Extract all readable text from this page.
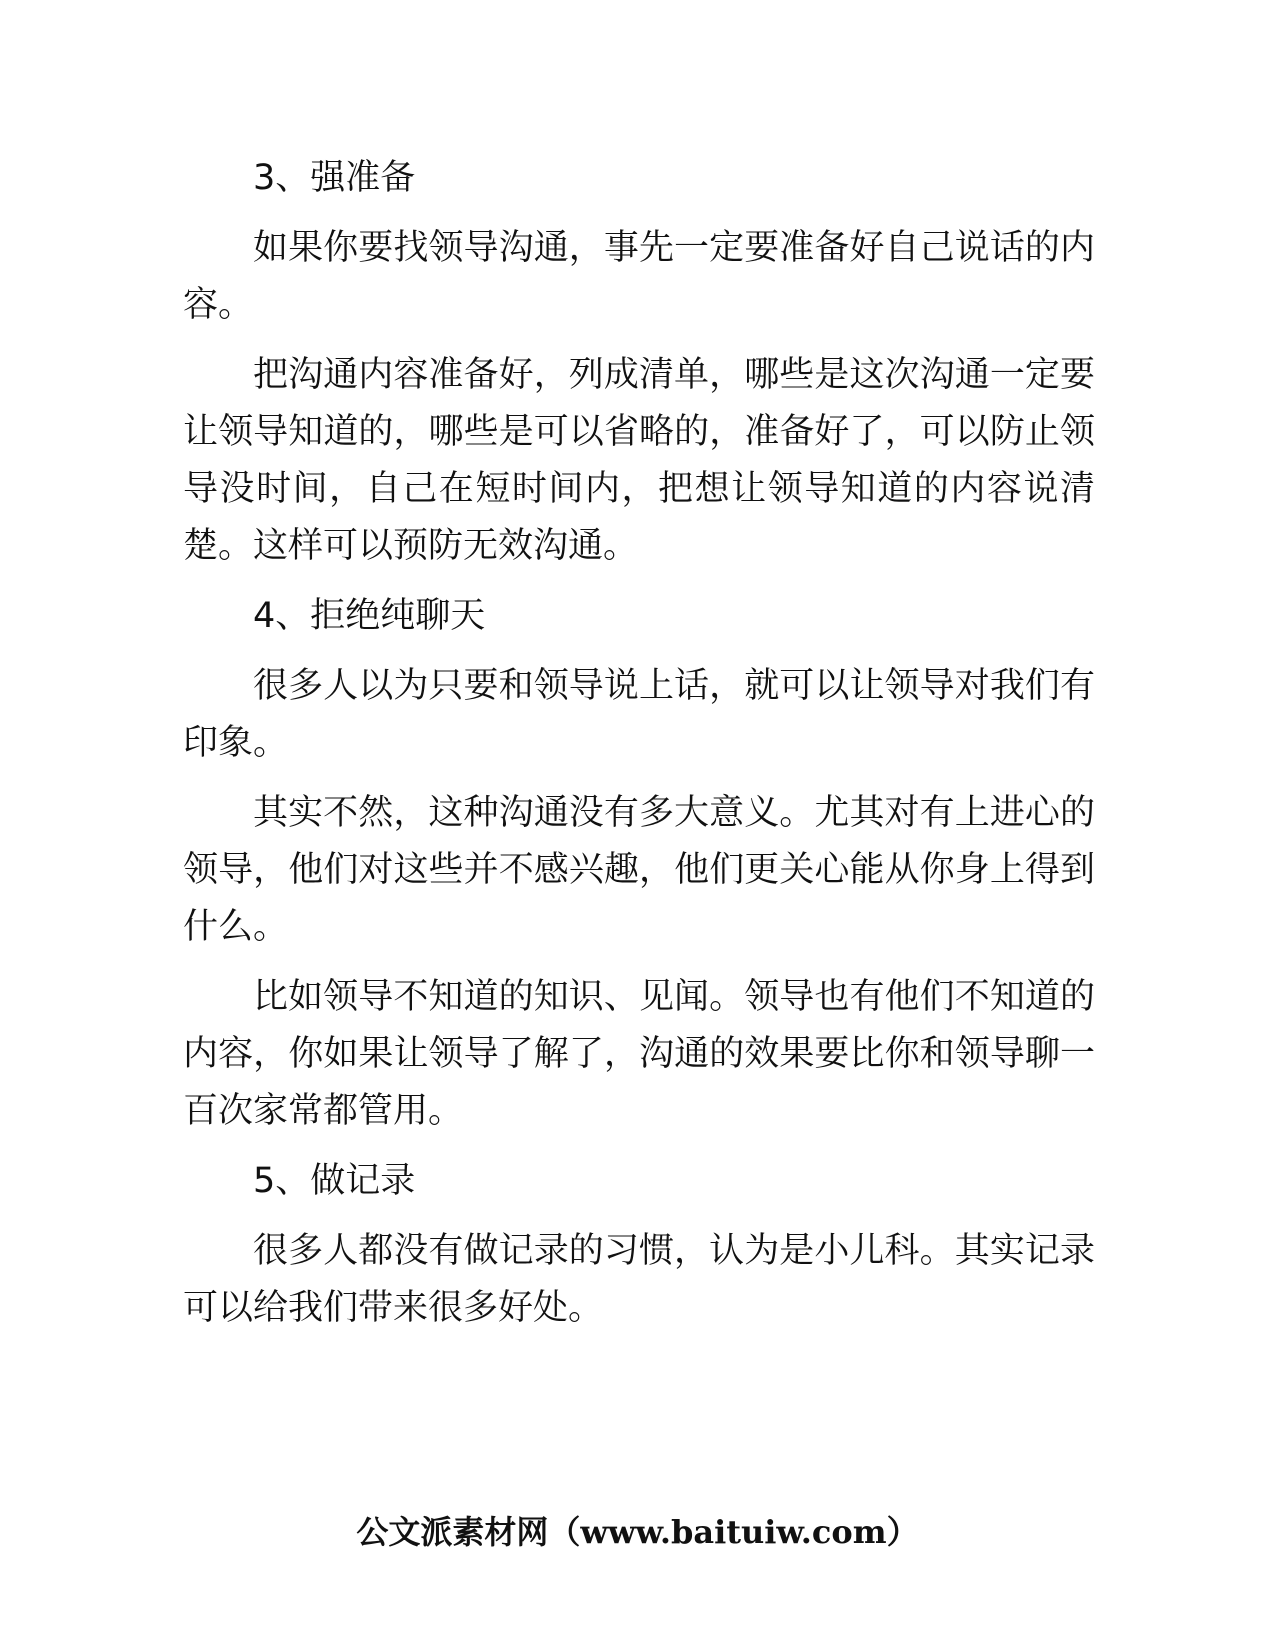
3、强准备

如果你要找领导沟通，事先一定要准备好自己说话的内容。

把沟通内容准备好，列成清单，哪些是这次沟通一定要让领导知道的，哪些是可以省略的，准备好了，可以防止领导没时间，自己在短时间内，把想让领导知道的内容说清楚。这样可以预防无效沟通。

4、拒绝纯聊天

很多人以为只要和领导说上话，就可以让领导对我们有印象。

其实不然，这种沟通没有多大意义。尤其对有上进心的领导，他们对这些并不感兴趣，他们更关心能从你身上得到什么。

比如领导不知道的知识、见闻。领导也有他们不知道的内容，你如果让领导了解了，沟通的效果要比你和领导聊一百次家常都管用。

5、做记录

很多人都没有做记录的习惯，认为是小儿科。其实记录可以给我们带来很多好处。

公文派素材网（www.baituiw.com）
